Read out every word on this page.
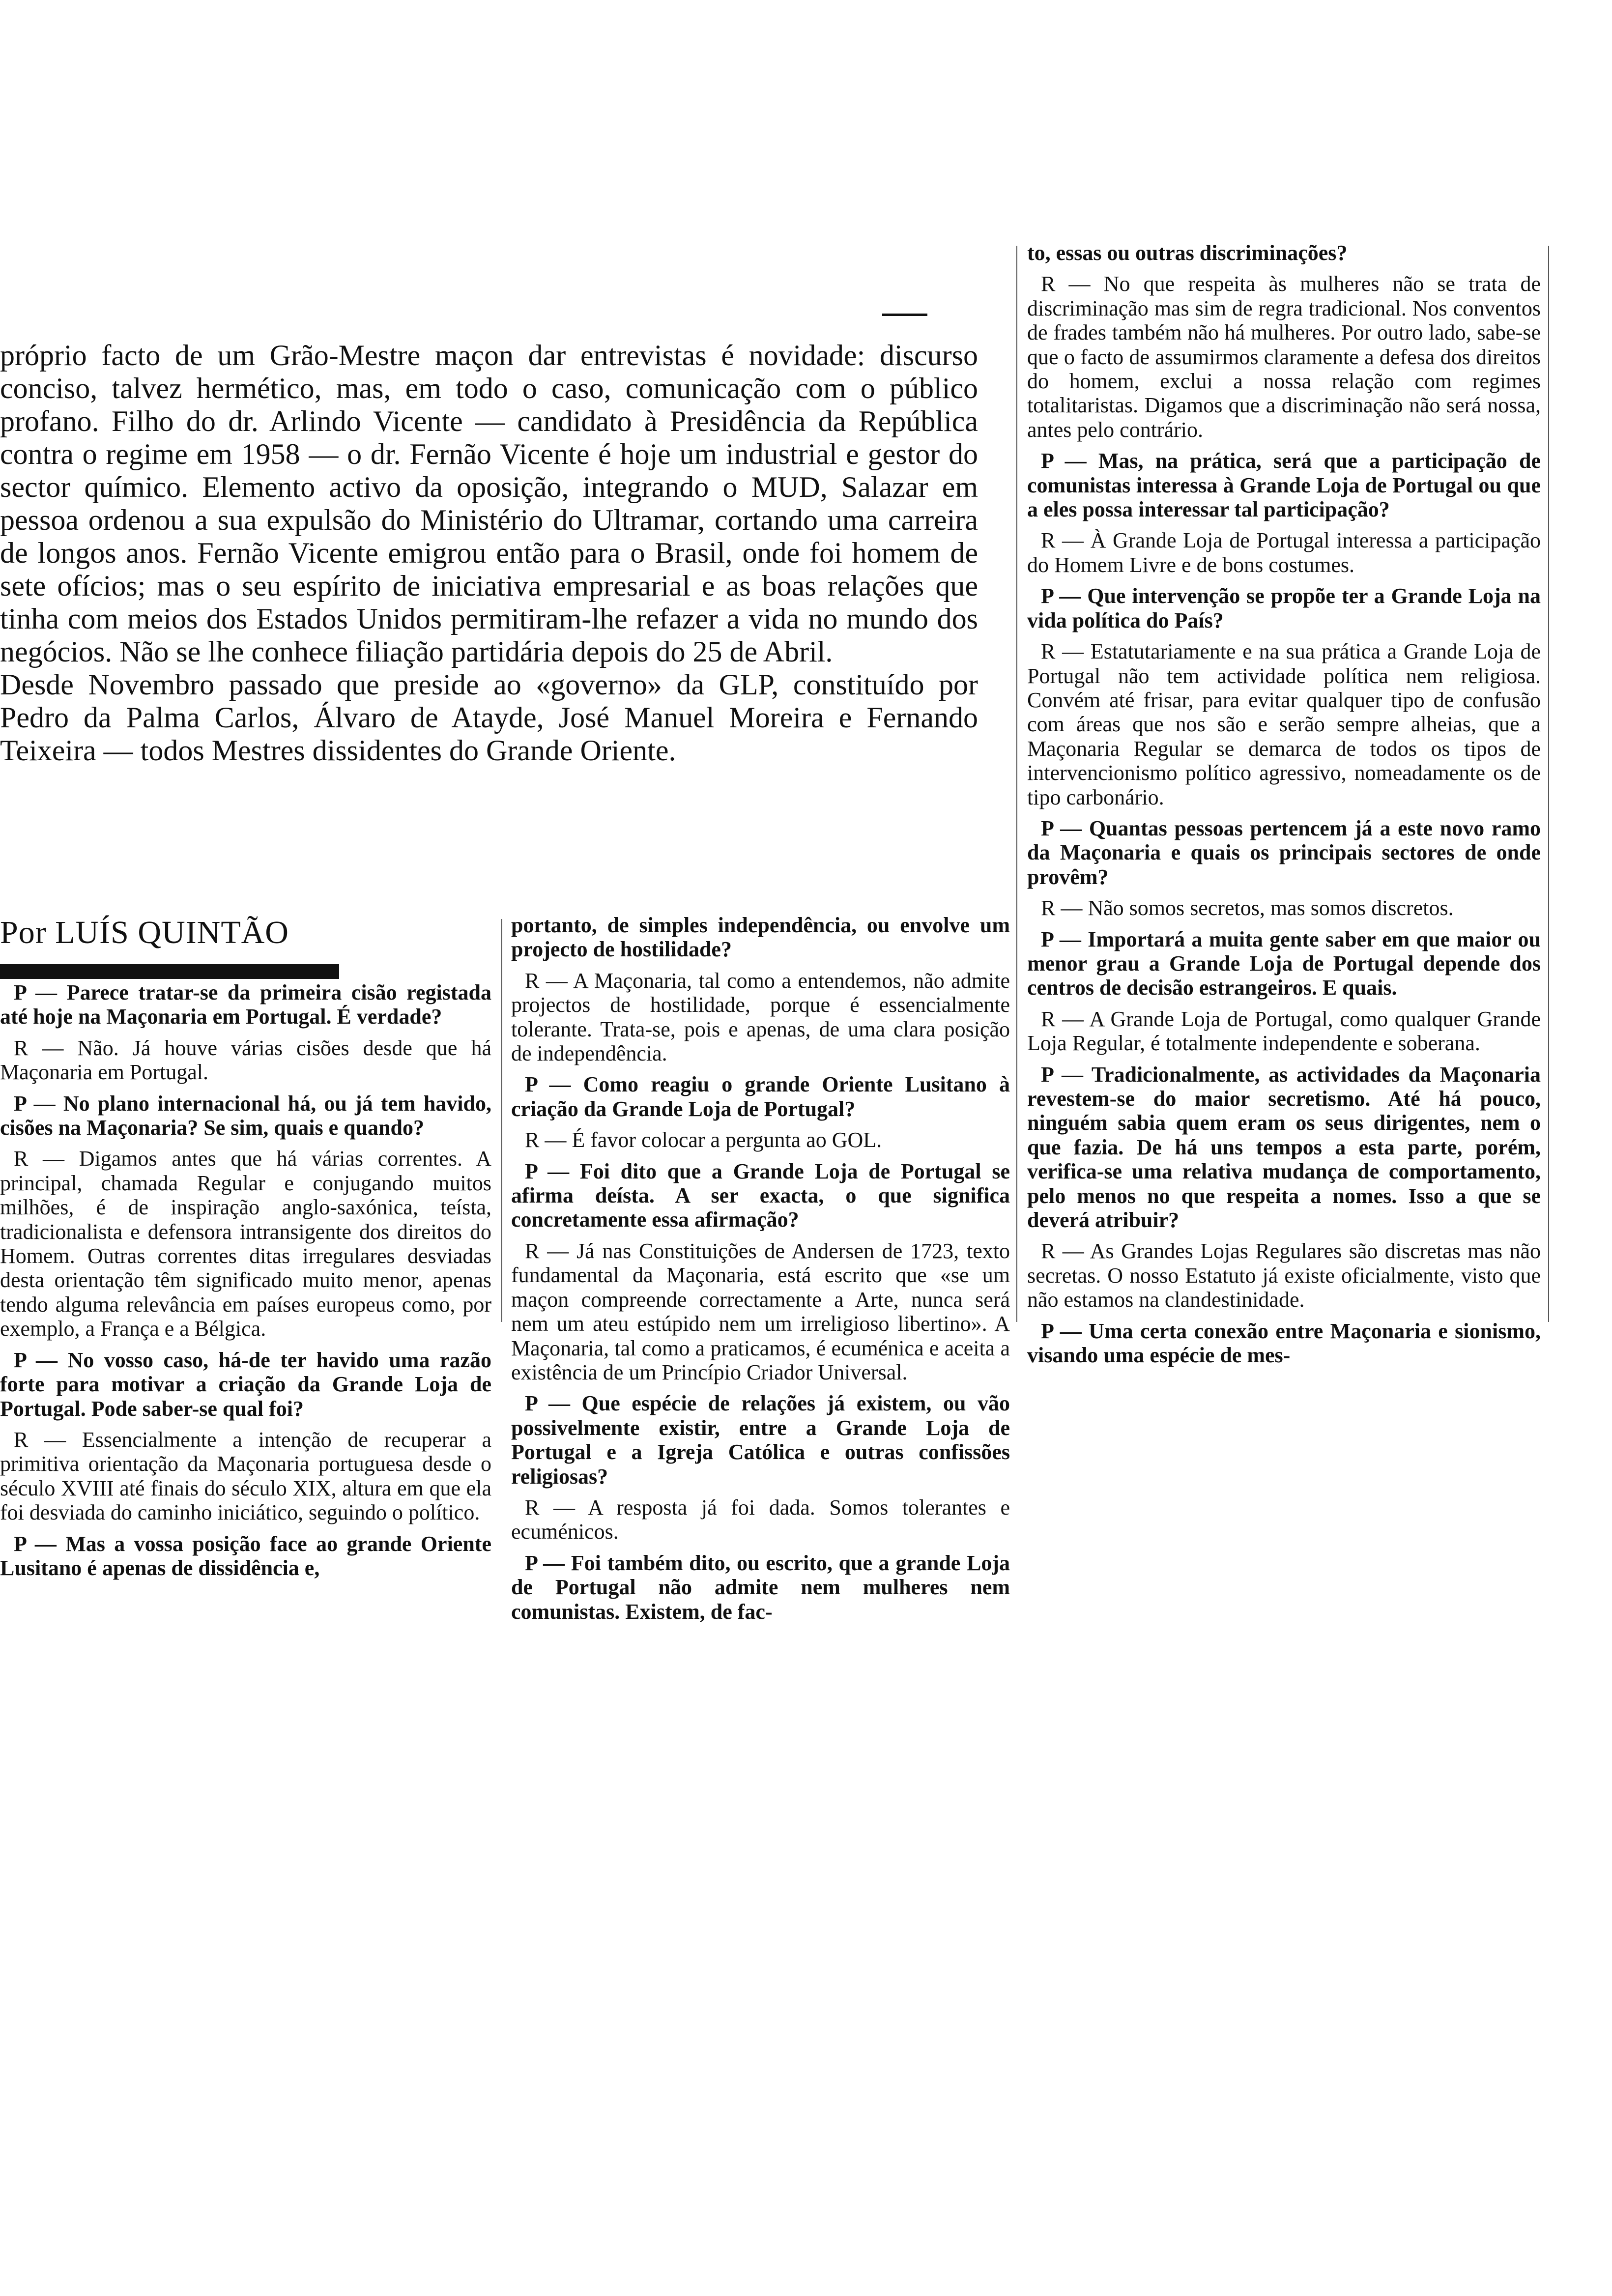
próprio facto de um Grão-Mestre maçon dar entrevistas é novidade: discurso conciso, talvez hermético, mas, em todo o caso, comunicação com o público profano. Filho do dr. Arlindo Vicente — candidato à Presidência da República contra o regime em 1958 — o dr. Fernão Vicente é hoje um industrial e gestor do sector químico. Elemento activo da oposição, integrando o MUD, Salazar em pessoa ordenou a sua expulsão do Ministério do Ultramar, cortando uma carreira de longos anos. Fernão Vicente emigrou então para o Brasil, onde foi homem de sete ofícios; mas o seu espírito de iniciativa empresarial e as boas relações que tinha com meios dos Estados Unidos permitiram-lhe refazer a vida no mundo dos negócios. Não se lhe conhece filiação partidária depois do 25 de Abril.

Desde Novembro passado que preside ao «governo» da GLP, constituído por Pedro da Palma Carlos, Álvaro de Atayde, José Manuel Moreira e Fernando Teixeira — todos Mestres dissidentes do Grande Oriente.

Por LUÍS QUINTÃO

P — Parece tratar-se da primeira cisão registada até hoje na Maçonaria em Portugal. É verdade?

R — Não. Já houve várias cisões desde que há Maçonaria em Portugal.

P — No plano internacional há, ou já tem havido, cisões na Maçonaria? Se sim, quais e quando?

R — Digamos antes que há várias correntes. A principal, chamada Regular e conjugando muitos milhões, é de inspiração anglo-saxónica, teísta, tradicionalista e defensora intransigente dos direitos do Homem. Outras correntes ditas irregulares desviadas desta orientação têm significado muito menor, apenas tendo alguma relevância em países europeus como, por exemplo, a França e a Bélgica.

P — No vosso caso, há-de ter havido uma razão forte para motivar a criação da Grande Loja de Portugal. Pode saber-se qual foi?

R — Essencialmente a intenção de recuperar a primitiva orientação da Maçonaria portuguesa desde o século XVIII até finais do século XIX, altura em que ela foi desviada do caminho iniciático, seguindo o político.

P — Mas a vossa posição face ao grande Oriente Lusitano é apenas de dissidência e,

portanto, de simples independência, ou envolve um projecto de hostilidade?

R — A Maçonaria, tal como a entendemos, não admite projectos de hostilidade, porque é essencialmente tolerante. Trata-se, pois e apenas, de uma clara posição de independência.

P — Como reagiu o grande Oriente Lusitano à criação da Grande Loja de Portugal?

R — É favor colocar a pergunta ao GOL.

P — Foi dito que a Grande Loja de Portugal se afirma deísta. A ser exacta, o que significa concretamente essa afirmação?

R — Já nas Constituições de Andersen de 1723, texto fundamental da Maçonaria, está escrito que «se um maçon compreende correctamente a Arte, nunca será nem um ateu estúpido nem um irreligioso libertino». A Maçonaria, tal como a praticamos, é ecuménica e aceita a existência de um Princípio Criador Universal.

P — Que espécie de relações já existem, ou vão possivelmente existir, entre a Grande Loja de Portugal e a Igreja Católica e outras confissões religiosas?

R — A resposta já foi dada. Somos tolerantes e ecuménicos.

P — Foi também dito, ou escrito, que a grande Loja de Portugal não admite nem mulheres nem comunistas. Existem, de fac-

to, essas ou outras discriminações?

R — No que respeita às mulheres não se trata de discriminação mas sim de regra tradicional. Nos conventos de frades também não há mulheres. Por outro lado, sabe-se que o facto de assumirmos claramente a defesa dos direitos do homem, exclui a nossa relação com regimes totalitaristas. Digamos que a discriminação não será nossa, antes pelo contrário.

P — Mas, na prática, será que a participação de comunistas interessa à Grande Loja de Portugal ou que a eles possa interessar tal participação?

R — À Grande Loja de Portugal interessa a participação do Homem Livre e de bons costumes.

P — Que intervenção se propõe ter a Grande Loja na vida política do País?

R — Estatutariamente e na sua prática a Grande Loja de Portugal não tem actividade política nem religiosa. Convém até frisar, para evitar qualquer tipo de confusão com áreas que nos são e serão sempre alheias, que a Maçonaria Regular se demarca de todos os tipos de intervencionismo político agressivo, nomeadamente os de tipo carbonário.

P — Quantas pessoas pertencem já a este novo ramo da Maçonaria e quais os principais sectores de onde provêm?

R — Não somos secretos, mas somos discretos.

P — Importará a muita gente saber em que maior ou menor grau a Grande Loja de Portugal depende dos centros de decisão estrangeiros. E quais.

R — A Grande Loja de Portugal, como qualquer Grande Loja Regular, é totalmente independente e soberana.

P — Tradicionalmente, as actividades da Maçonaria revestem-se do maior secretismo. Até há pouco, ninguém sabia quem eram os seus dirigentes, nem o que fazia. De há uns tempos a esta parte, porém, verifica-se uma relativa mudança de comportamento, pelo menos no que respeita a nomes. Isso a que se deverá atribuir?

R — As Grandes Lojas Regulares são discretas mas não secretas. O nosso Estatuto já existe oficialmente, visto que não estamos na clandestinidade.

P — Uma certa conexão entre Maçonaria e sionismo, visando uma espécie de mes-
